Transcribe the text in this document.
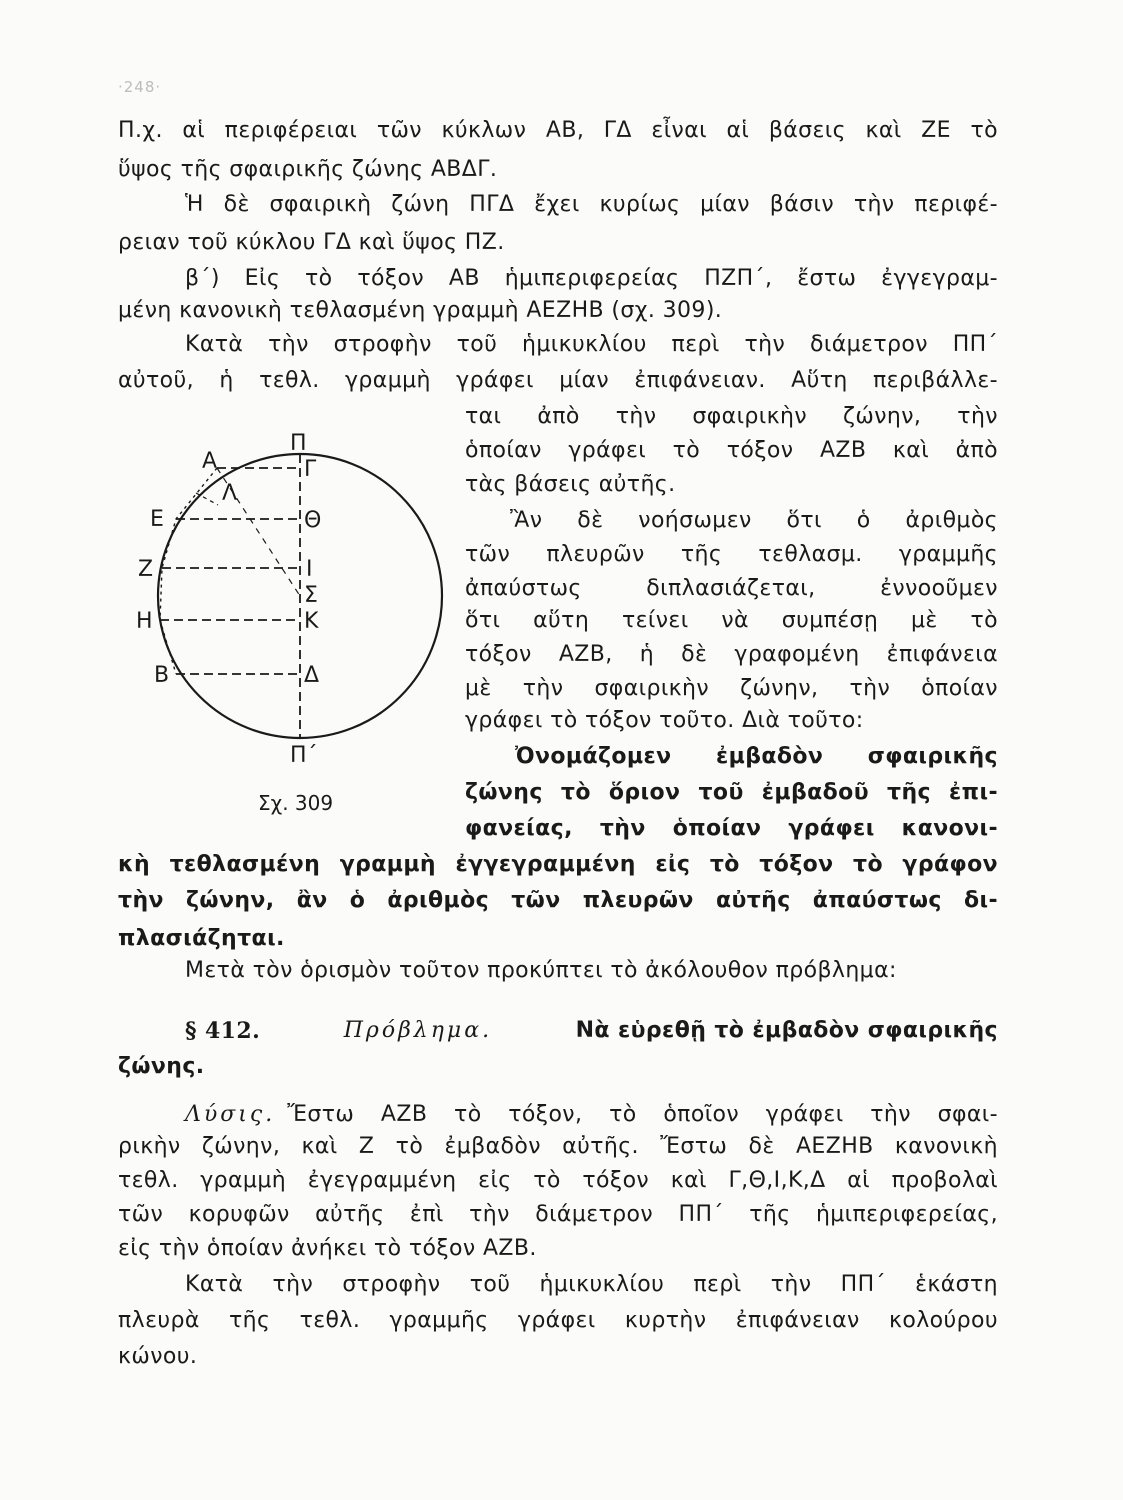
·248·
Π.χ. αἱ περιφέρειαι τῶν κύκλων ΑΒ, ΓΔ εἶναι αἱ βάσεις καὶ ΖΕ τὸ
ὕψος τῆς σφαιρικῆς ζώνης ΑΒΔΓ.
Ἡ δὲ σφαιρικὴ ζώνη ΠΓΔ ἔχει κυρίως μίαν βάσιν τὴν περιφέ-
ρειαν τοῦ κύκλου ΓΔ καὶ ὕψος ΠΖ.
β΄) Εἰς τὸ τόξον ΑΒ ἡμιπεριφερείας ΠΖΠ΄, ἔστω ἐγγεγραμ-
μένη κανονικὴ τεθλασμένη γραμμὴ ΑΕΖΗΒ (σχ. 309).
Κατὰ τὴν στροφὴν τοῦ ἡμικυκλίου περὶ τὴν διάμετρον ΠΠ΄
αὐτοῦ, ἡ τεθλ. γραμμὴ γράφει μίαν ἐπιφάνειαν. Αὕτη περιβάλλε-
ται ἀπὸ τὴν σφαιρικὴν ζώνην, τὴν
ὁποίαν γράφει τὸ τόξον ΑΖΒ καὶ ἀπὸ
τὰς βάσεις αὐτῆς.
Ἂν δὲ νοήσωμεν ὅτι ὁ ἀριθμὸς
τῶν πλευρῶν τῆς τεθλασμ. γραμμῆς
ἀπαύστως διπλασιάζεται, ἐννοοῦμεν
ὅτι αὕτη τείνει νὰ συμπέσῃ μὲ τὸ
τόξον ΑΖΒ, ἡ δὲ γραφομένη ἐπιφάνεια
μὲ τὴν σφαιρικὴν ζώνην, τὴν ὁποίαν
γράφει τὸ τόξον τοῦτο. Διὰ τοῦτο:
Ὀνομάζομεν ἐμβαδὸν σφαιρικῆς
ζώνης τὸ ὅριον τοῦ ἐμβαδοῦ τῆς ἐπι-
φανείας, τὴν ὁποίαν γράφει κανονι-
κὴ τεθλασμένη γραμμὴ ἐγγεγραμμένη εἰς τὸ τόξον τὸ γράφον
τὴν ζώνην, ἂν ὁ ἀριθμὸς τῶν πλευρῶν αὐτῆς ἀπαύστως δι-
πλασιάζηται.
Μετὰ τὸν ὁρισμὸν τοῦτον προκύπτει τὸ ἀκόλουθον πρόβλημα:
§ 412.	Πρόβλημα.	Νὰ εὑρεθῇ τὸ ἐμβαδὸν σφαιρικῆς
ζώνης.
Λύσις. Ἔστω ΑΖΒ τὸ τόξον, τὸ ὁποῖον γράφει τὴν σφαι-
ρικὴν ζώνην, καὶ Ζ τὸ ἐμβαδὸν αὐτῆς. Ἔστω δὲ ΑΕΖΗΒ κανονικὴ
τεθλ. γραμμὴ ἐγεγραμμένη εἰς τὸ τόξον καὶ Γ,Θ,Ι,Κ,Δ αἱ προβολαὶ
τῶν κορυφῶν αὐτῆς ἐπὶ τὴν διάμετρον ΠΠ΄ τῆς ἡμιπεριφερείας,
εἰς τὴν ὁποίαν ἀνήκει τὸ τόξον ΑΖΒ.
Κατὰ τὴν στροφὴν τοῦ ἡμικυκλίου περὶ τὴν ΠΠ΄ ἑκάστη
πλευρὰ τῆς τεθλ. γραμμῆς γράφει κυρτὴν ἐπιφάνειαν κολούρου
κώνου.
Π
Γ
Α
Λ
Ε	Θ
Ζ	Ι
Σ
Η	Κ
Β	Δ
Π΄
Σχ. 309
